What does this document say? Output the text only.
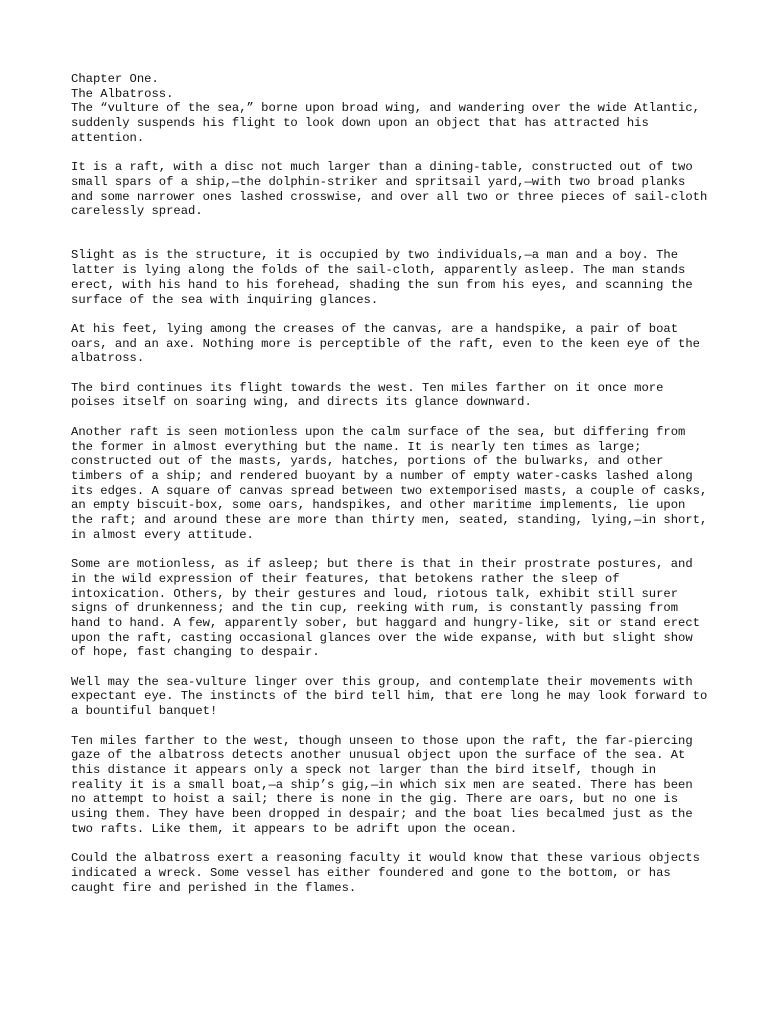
Chapter One.

The Albatross.

The “vulture of the sea,” borne upon broad wing, and wandering over the wide Atlantic, suddenly suspends his flight to look down upon an object that has attracted his attention.

It is a raft, with a disc not much larger than a dining-table, constructed out of two small spars of a ship,—the dolphin-striker and spritsail yard,—with two broad planks and some narrower ones lashed crosswise, and over all two or three pieces of sail-cloth carelessly spread.

Slight as is the structure, it is occupied by two individuals,—a man and a boy. The latter is lying along the folds of the sail-cloth, apparently asleep. The man stands erect, with his hand to his forehead, shading the sun from his eyes, and scanning the surface of the sea with inquiring glances.

At his feet, lying among the creases of the canvas, are a handspike, a pair of boat oars, and an axe. Nothing more is perceptible of the raft, even to the keen eye of the albatross.

The bird continues its flight towards the west. Ten miles farther on it once more poises itself on soaring wing, and directs its glance downward.

Another raft is seen motionless upon the calm surface of the sea, but differing from the former in almost everything but the name. It is nearly ten times as large; constructed out of the masts, yards, hatches, portions of the bulwarks, and other timbers of a ship; and rendered buoyant by a number of empty water-casks lashed along its edges. A square of canvas spread between two extemporised masts, a couple of casks, an empty biscuit-box, some oars, handspikes, and other maritime implements, lie upon the raft; and around these are more than thirty men, seated, standing, lying,—in short, in almost every attitude.

Some are motionless, as if asleep; but there is that in their prostrate postures, and in the wild expression of their features, that betokens rather the sleep of intoxication. Others, by their gestures and loud, riotous talk, exhibit still surer signs of drunkenness; and the tin cup, reeking with rum, is constantly passing from hand to hand. A few, apparently sober, but haggard and hungry-like, sit or stand erect upon the raft, casting occasional glances over the wide expanse, with but slight show of hope, fast changing to despair.

Well may the sea-vulture linger over this group, and contemplate their movements with expectant eye. The instincts of the bird tell him, that ere long he may look forward to a bountiful banquet!

Ten miles farther to the west, though unseen to those upon the raft, the far-piercing gaze of the albatross detects another unusual object upon the surface of the sea. At this distance it appears only a speck not larger than the bird itself, though in reality it is a small boat,—a ship’s gig,—in which six men are seated. There has been no attempt to hoist a sail; there is none in the gig. There are oars, but no one is using them. They have been dropped in despair; and the boat lies becalmed just as the two rafts. Like them, it appears to be adrift upon the ocean.

Could the albatross exert a reasoning faculty it would know that these various objects indicated a wreck. Some vessel has either foundered and gone to the bottom, or has caught fire and perished in the flames.
